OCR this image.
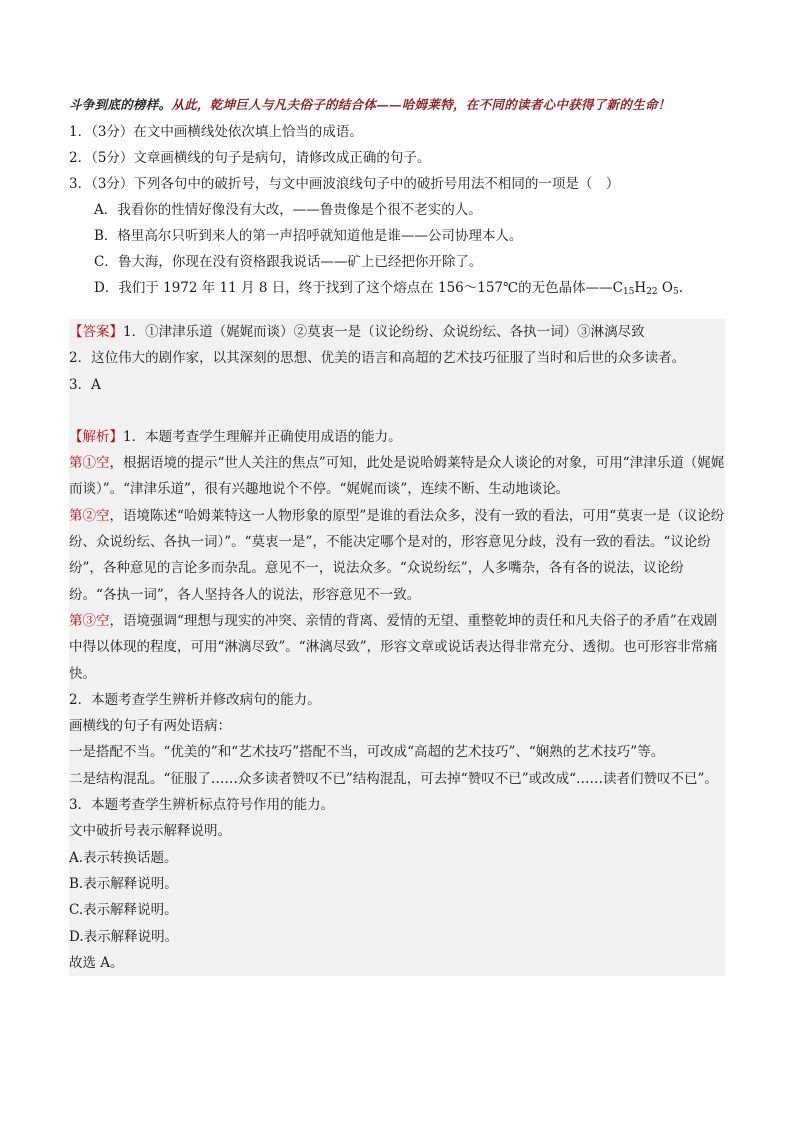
斗争到底的榜样。从此，乾坤巨人与凡夫俗子的结合体——哈姆莱特，在不同的读者心中获得了新的生命！
1．（3分）在文中画横线处依次填上恰当的成语。
2．（5分）文章画横线的句子是病句，请修改成正确的句子。
3．（3分）下列各句中的破折号，与文中画波浪线句子中的破折号用法不相同的一项是（　）
A．我看你的性情好像没有大改，——鲁贵像是个很不老实的人。
B．格里高尔只听到来人的第一声招呼就知道他是谁——公司协理本人。
C．鲁大海，你现在没有资格跟我说话——矿上已经把你开除了。
D．我们于 1972 年 11 月 8 日，终于找到了这个熔点在 156～157℃的无色晶体$——C_{15}H_{22}$ $O_5$.

【答案】1．①津津乐道（娓娓而谈）②莫衷一是（议论纷纷、众说纷纭、各执一词）③淋漓尽致

2．这位伟大的剧作家，以其深刻的思想、优美的语言和高超的艺术技巧征服了当时和后世的众多读者。

3．A

【解析】1．本题考查学生理解并正确使用成语的能力。

第①空，根据语境的提示“世人关注的焦点”可知，此处是说哈姆莱特是众人谈论的对象，可用“津津乐道（娓娓而谈）”。“津津乐道”，很有兴趣地说个不停。“娓娓而谈”，连续不断、生动地谈论。

第②空，语境陈述“哈姆莱特这一人物形象的原型”是谁的看法众多，没有一致的看法，可用“莫衷一是（议论纷纷、众说纷纭、各执一词）”。“莫衷一是”，不能决定哪个是对的，形容意见分歧，没有一致的看法。“议论纷纷”，各种意见的言论多而杂乱。意见不一，说法众多。“众说纷纭”，人多嘴杂，各有各的说法，议论纷纷。“各执一词”，各人坚持各人的说法，形容意见不一致。

第③空，语境强调“理想与现实的冲突、亲情的背离、爱情的无望、重整乾坤的责任和凡夫俗子的矛盾”在戏剧中得以体现的程度，可用“淋漓尽致”。“淋漓尽致”，形容文章或说话表达得非常充分、透彻。也可形容非常痛快。

2．本题考查学生辨析并修改病句的能力。

画横线的句子有两处语病：

一是搭配不当。“优美的”和“艺术技巧”搭配不当，可改成“高超的艺术技巧”、“娴熟的艺术技巧”等。

二是结构混乱。“征服了……众多读者赞叹不已”结构混乱，可去掉“赞叹不已”或改成“……读者们赞叹不已”。

3．本题考查学生辨析标点符号作用的能力。

文中破折号表示解释说明。

A.表示转换话题。

B.表示解释说明。

C.表示解释说明。

D.表示解释说明。

故选 A。
